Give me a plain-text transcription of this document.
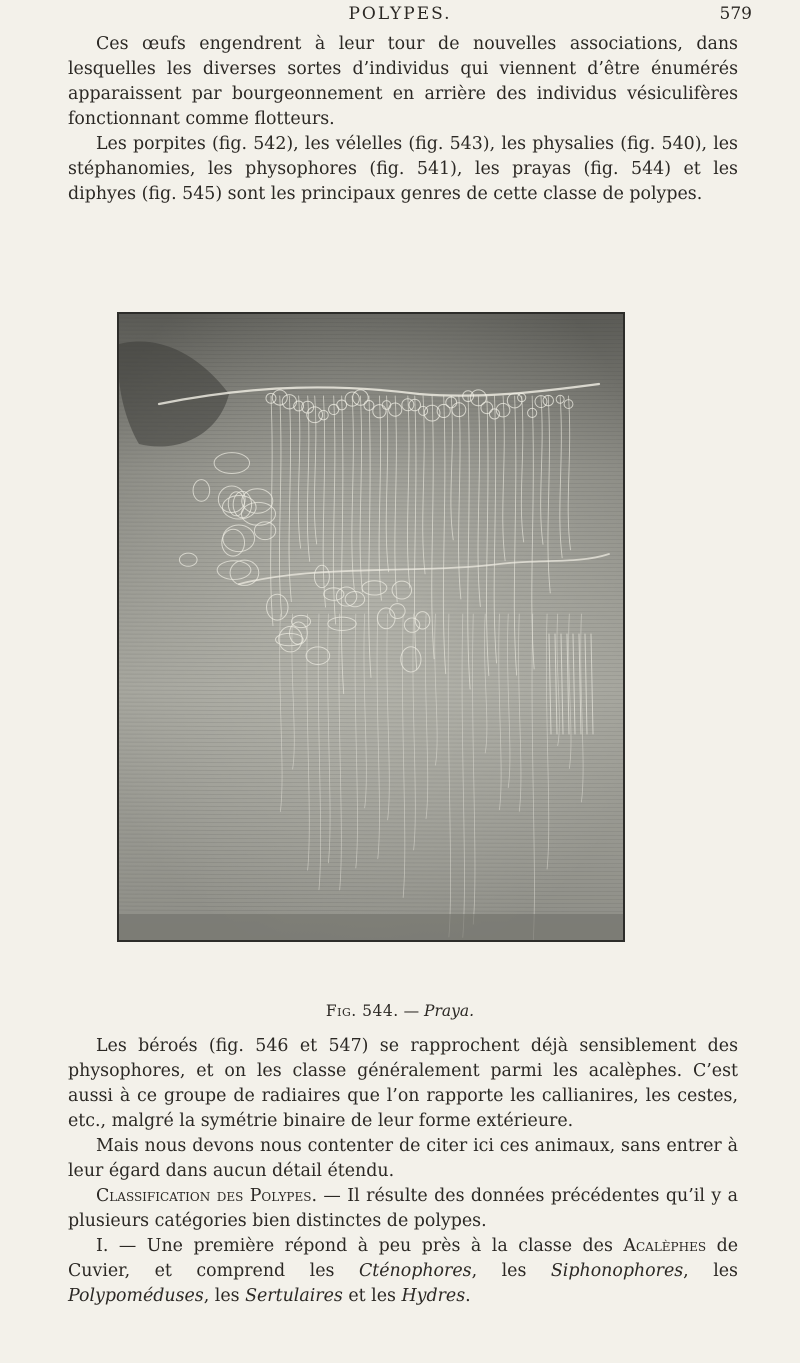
POLYPES.	579

Ces œufs engendrent à leur tour de nouvelles associations, dans lesquelles les diverses sortes d’individus qui viennent d’être énumérés apparaissent par bourgeonnement en arrière des individus vésiculifères fonctionnant comme flotteurs.

Les porpites (fig. 542), les vélelles (fig. 543), les physalies (fig. 540), les stéphanomies, les physophores (fig. 541), les prayas (fig. 544) et les diphyes (fig. 545) sont les principaux genres de cette classe de polypes.

Fig. 544. — Praya.

Les béroés (fig. 546 et 547) se rapprochent déjà sensiblement des physophores, et on les classe généralement parmi les acalèphes. C’est aussi à ce groupe de radiaires que l’on rapporte les callianires, les cestes, etc., malgré la symétrie binaire de leur forme extérieure.

Mais nous devons nous contenter de citer ici ces animaux, sans entrer à leur égard dans aucun détail étendu.

Classification des Polypes. — Il résulte des données précédentes qu’il y a plusieurs catégories bien distinctes de polypes.

I. — Une première répond à peu près à la classe des Acalèphes de Cuvier, et comprend les Cténophores, les Siphonophores, les Polypoméduses, les Sertulaires et les Hydres.
